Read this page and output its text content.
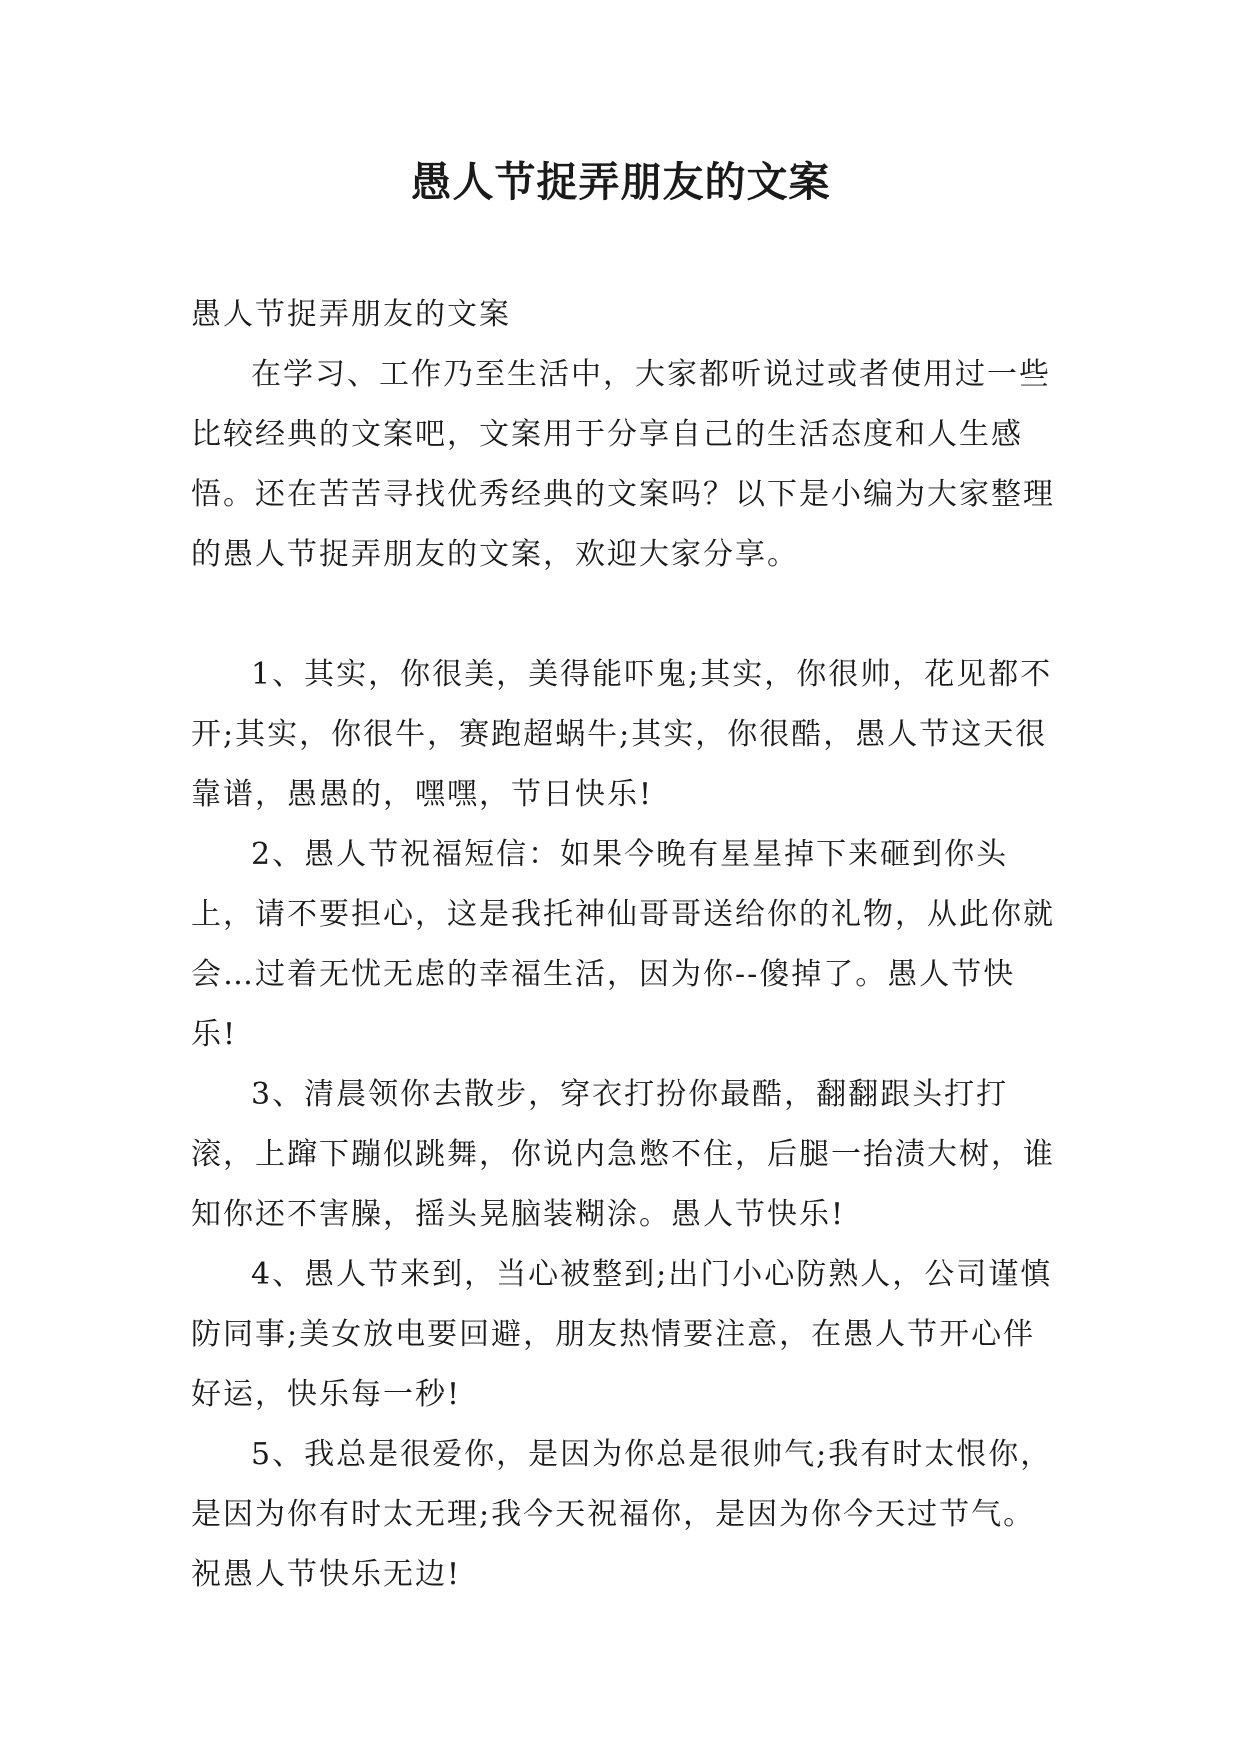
愚人节捉弄朋友的文案

愚人节捉弄朋友的文案

在学习、工作乃至生活中，大家都听说过或者使用过一些比较经典的文案吧，文案用于分享自己的生活态度和人生感悟。还在苦苦寻找优秀经典的文案吗？以下是小编为大家整理的愚人节捉弄朋友的文案，欢迎大家分享。

1、其实，你很美，美得能吓鬼;其实，你很帅，花见都不开;其实，你很牛，赛跑超蜗牛;其实，你很酷，愚人节这天很靠谱，愚愚的，嘿嘿，节日快乐!

2、愚人节祝福短信：如果今晚有星星掉下来砸到你头上，请不要担心，这是我托神仙哥哥送给你的礼物，从此你就会…过着无忧无虑的幸福生活，因为你--傻掉了。愚人节快乐!

3、清晨领你去散步，穿衣打扮你最酷，翻翻跟头打打滚，上蹿下蹦似跳舞，你说内急憋不住，后腿一抬渍大树，谁知你还不害臊，摇头晃脑装糊涂。愚人节快乐!

4、愚人节来到，当心被整到;出门小心防熟人，公司谨慎防同事;美女放电要回避，朋友热情要注意，在愚人节开心伴好运，快乐每一秒!

5、我总是很爱你，是因为你总是很帅气;我有时太恨你，是因为你有时太无理;我今天祝福你，是因为你今天过节气。祝愚人节快乐无边!
